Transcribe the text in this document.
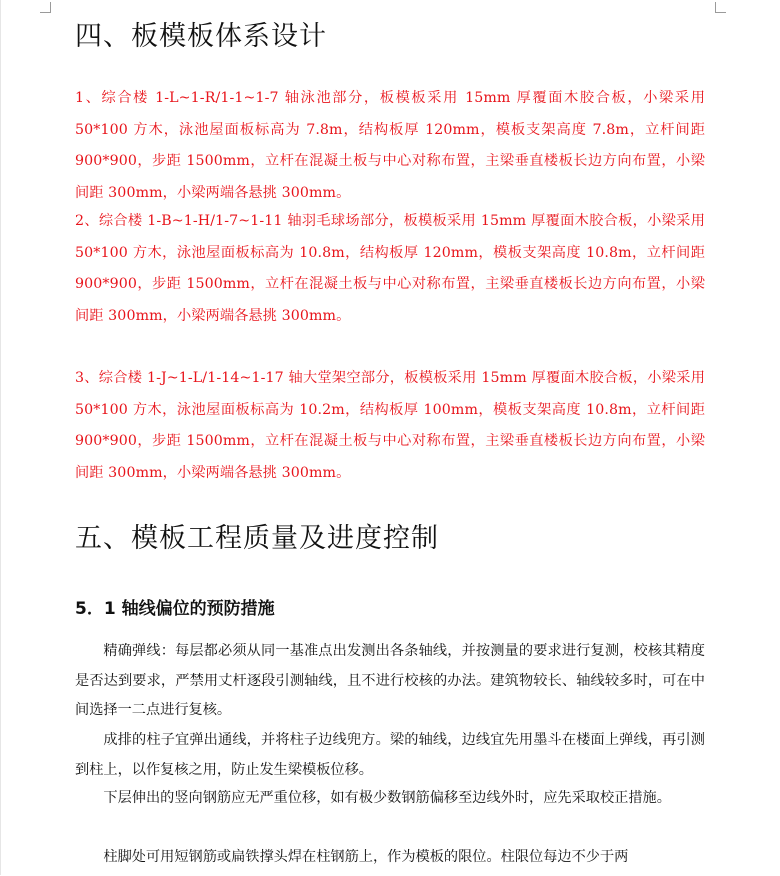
四、板模板体系设计

1、综合楼 1-L~1-R/1-1~1-7 轴泳池部分，板模板采用 15mm 厚覆面木胶合板，小梁采用 50*100 方木，泳池屋面板标高为 7.8m，结构板厚 120mm，模板支架高度 7.8m，立杆间距 900*900，步距 1500mm，立杆在混凝土板与中心对称布置，主梁垂直楼板长边方向布置，小梁间距 300mm，小梁两端各悬挑 300mm。

2、综合楼 1-B~1-H/1-7~1-11 轴羽毛球场部分，板模板采用 15mm 厚覆面木胶合板，小梁采用 50*100 方木，泳池屋面板标高为 10.8m，结构板厚 120mm，模板支架高度 10.8m，立杆间距 900*900，步距 1500mm，立杆在混凝土板与中心对称布置，主梁垂直楼板长边方向布置，小梁间距 300mm，小梁两端各悬挑 300mm。

3、综合楼 1-J~1-L/1-14~1-17 轴大堂架空部分，板模板采用 15mm 厚覆面木胶合板，小梁采用 50*100 方木，泳池屋面板标高为 10.2m，结构板厚 100mm，模板支架高度 10.8m，立杆间距 900*900，步距 1500mm，立杆在混凝土板与中心对称布置，主梁垂直楼板长边方向布置，小梁间距 300mm，小梁两端各悬挑 300mm。

五、模板工程质量及进度控制
5．1 轴线偏位的预防措施

精确弹线：每层都必须从同一基准点出发测出各条轴线，并按测量的要求进行复测，校核其精度是否达到要求，严禁用丈杆逐段引测轴线，且不进行校核的办法。建筑物较长、轴线较多时，可在中间选择一二点进行复核。

成排的柱子宜弹出通线，并将柱子边线兜方。梁的轴线，边线宜先用墨斗在楼面上弹线，再引测到柱上，以作复核之用，防止发生梁模板位移。

下层伸出的竖向钢筋应无严重位移，如有极少数钢筋偏移至边线外时，应先采取校正措施。

柱脚处可用短钢筋或扁铁撑头焊在柱钢筋上，作为模板的限位。柱限位每边不少于两
